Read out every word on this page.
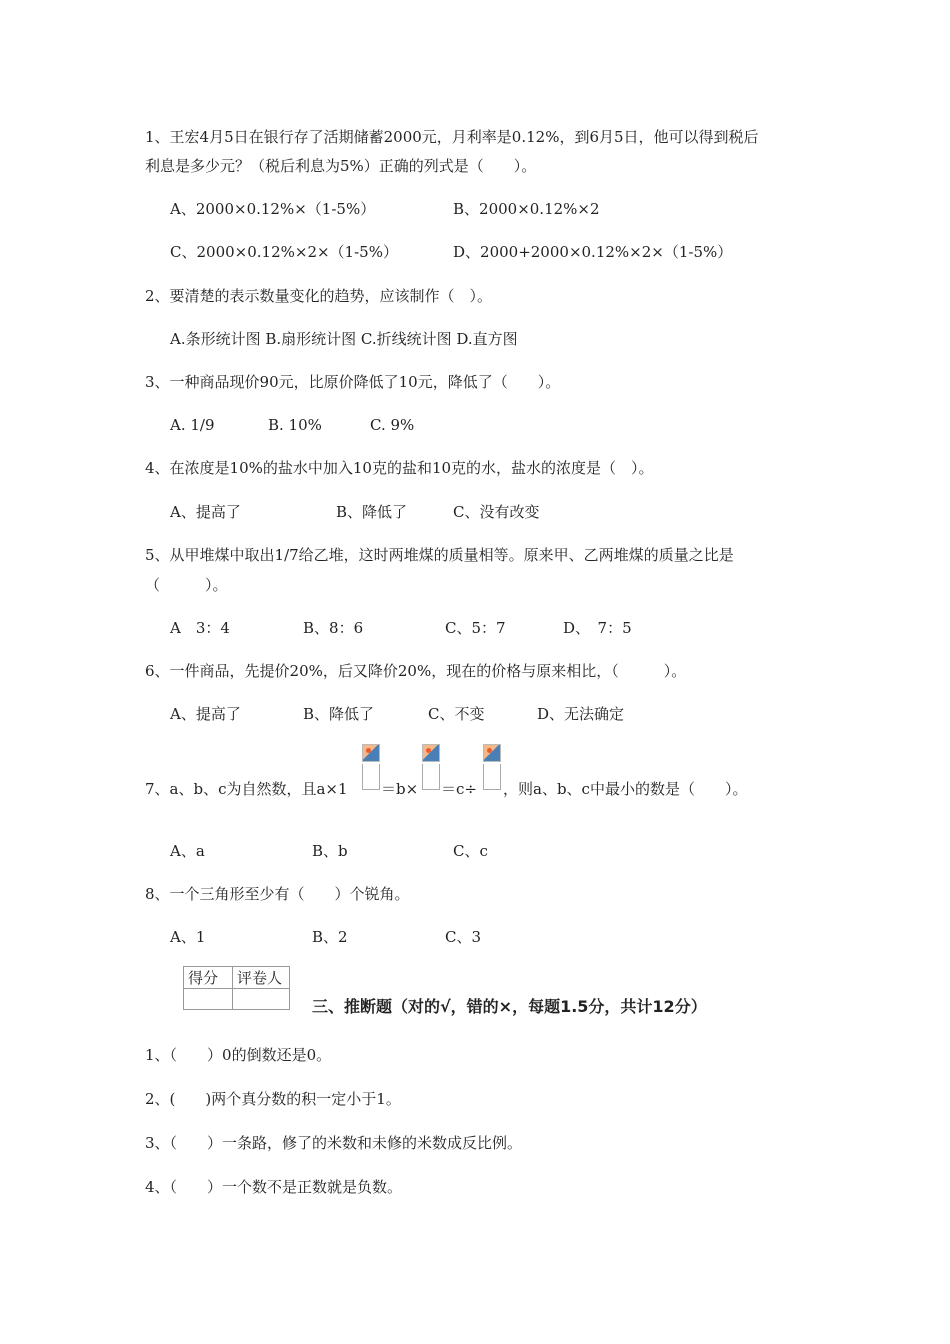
1、王宏4月5日在银行存了活期储蓄2000元，月利率是0.12%，到6月5日，他可以得到税后
利息是多少元？（税后利息为5%）正确的列式是（　　）。
A、2000×0.12%×（1-5%）	B、2000×0.12%×2
C、2000×0.12%×2×（1-5%）	D、2000+2000×0.12%×2×（1-5%）
2、要清楚的表示数量变化的趋势，应该制作（　）。
A.条形统计图 B.扇形统计图 C.折线统计图 D.直方图
3、一种商品现价90元，比原价降低了10元，降低了（　　）。
A. 1/9	B. 10%	C. 9%
4、在浓度是10%的盐水中加入10克的盐和10克的水，盐水的浓度是（　）。
A、提高了	B、降低了	C、没有改变
5、从甲堆煤中取出1/7给乙堆，这时两堆煤的质量相等。原来甲、乙两堆煤的质量之比是
（　　　）。
A　3：4	B、8：6	C、5：7	D、　7：5
6、一件商品，先提价20%，后又降价20%，现在的价格与原来相比，（　　　）。
A、提高了	B、降低了	C、不变	D、无法确定
7、a、b、c为自然数，且a×1 ＝b× ＝c÷ ，则a、b、c中最小的数是（　　）。
A、a	B、b	C、c
8、一个三角形至少有（　　）个锐角。
A、1	B、2	C、3
得分	评卷人

三、推断题（对的√，错的×，每题1.5分，共计12分）
1、（　　）0的倒数还是0。
2、(　　)两个真分数的积一定小于1。
3、（　　）一条路，修了的米数和未修的米数成反比例。
4、（　　）一个数不是正数就是负数。
